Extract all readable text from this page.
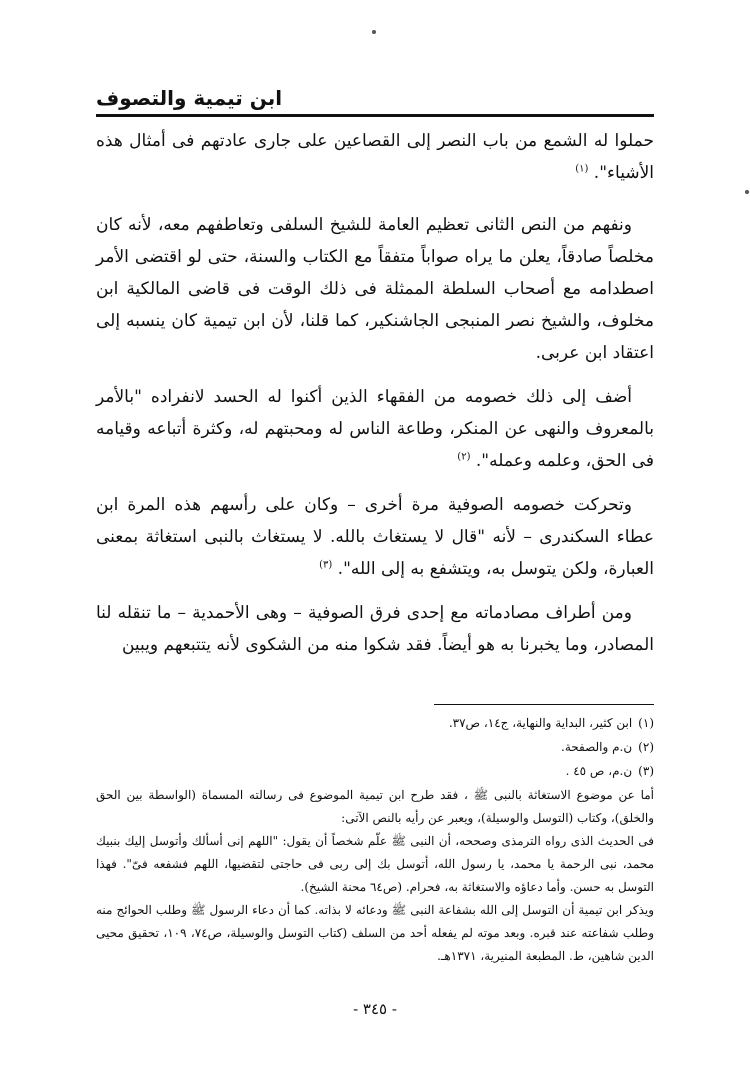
ابن تيمية والتصوف

حملوا له الشمع من باب النصر إلى القصاعين على جارى عادتهم فى أمثال هذه الأشياء". $^{(١)}$

ونفهم من النص الثانى تعظيم العامة للشيخ السلفى وتعاطفهم معه، لأنه كان مخلصاً صادقاً، يعلن ما يراه صواباً متفقاً مع الكتاب والسنة، حتى لو اقتضى الأمر اصطدامه مع أصحاب السلطة الممثلة فى ذلك الوقت فى قاضى المالكية ابن مخلوف، والشيخ نصر المنبجى الجاشنكير، كما قلنا، لأن ابن تيمية كان ينسبه إلى اعتقاد ابن عربى.

أضف إلى ذلك خصومه من الفقهاء الذين أكنوا له الحسد لانفراده "بالأمر بالمعروف والنهى عن المنكر، وطاعة الناس له ومحبتهم له، وكثرة أتباعه وقيامه فى الحق، وعلمه وعمله". $^{(٢)}$

وتحركت خصومه الصوفية مرة أخرى – وكان على رأسهم هذه المرة ابن عطاء السكندرى – لأنه "قال لا يستغاث بالله. لا يستغاث بالنبى استغاثة بمعنى العبارة، ولكن يتوسل به، ويتشفع به إلى الله". $^{(٣)}$

ومن أطراف مصادماته مع إحدى فرق الصوفية – وهى الأحمدية – ما تنقله لنا المصادر، وما يخبرنا به هو أيضاً. فقد شكوا منه من الشكوى لأنه يتتبعهم ويبين

(١)ابن كثير، البداية والنهاية، ج١٤، ص٣٧.

(٢)ن.م والصفحة.

(٣)ن.م، ص ٤٥ .

أما عن موضوع الاستغاثة بالنبى ﷺ ، فقد طرح ابن تيمية الموضوع فى رسالته المسماة (الواسطة بين الحق والخلق)، وكتاب (التوسل والوسيلة)، ويعبر عن رأيه بالنص الآتى:

فى الحديث الذى رواه الترمذى وصححه، أن النبى ﷺ علّم شخصاً أن يقول: "اللهم إنى أسألك وأتوسل إليك بنبيك محمد، نبى الرحمة يا محمد، يا رسول الله، أتوسل بك إلى ربى فى حاجتى لتقضيها، اللهم فشفعه فىّ". فهذا التوسل به حسن. وأما دعاؤه والاستغاثة به، فحرام. (ص٦٤ محنة الشيخ).

ويذكر ابن تيمية أن التوسل إلى الله بشفاعة النبى ﷺ ودعائه لا بذاته. كما أن دعاء الرسول ﷺ وطلب الحوائج منه وطلب شفاعته عند قبره. وبعد موته لم يفعله أحد من السلف (كتاب التوسل والوسيلة، ص٧٤، ١٠٩، تحقيق محيى الدين شاهين، ط. المطبعة المنيرية، ١٣٧١هـ.

- ٣٤٥ -
